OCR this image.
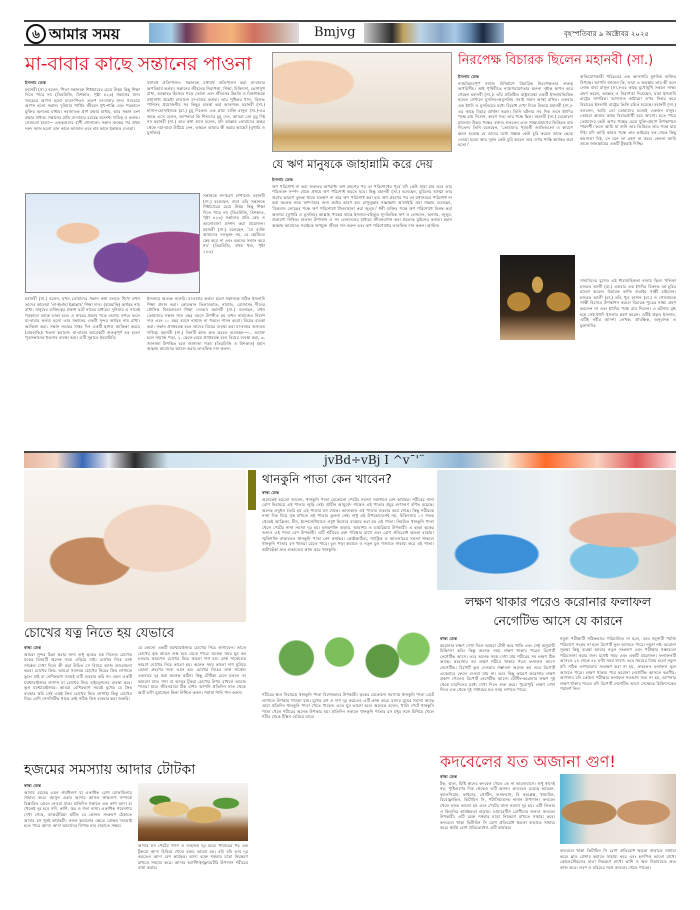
৬ আমার সময়	Bmjvg	বৃহস্পতিবার ৯ অক্টোবর ২০২৫
মা-বাবার কাছে সন্তানের পাওনা

ইসলাম ডেস্ক

মহানবী (সা.) বলেন, পিতা সন্তানকে শিষ্টাচারের চেয়ে উত্তম কিছু শিক্ষা দিতে পারে না। (তিরমিজি, মিশকাত, পৃষ্ঠা ৪২৩) সন্তানের জন্য সবচেয়ে আপন হলো মাতা-পিতা। তদ্রূপ মা-বাবার জন্য সবচেয়ে আপন হলো সন্তান। দুনিয়ার পার্থিব জীবনে সুখ-শান্তি এবং পরকালে মুক্তির অন্যতম মাধ্যম। নবজাতক প্রাণ রক্ষার মাধ্যম, আর সন্তান বংশ রক্ষার মাধ্যম। সন্তানের প্রতি মা-বাবার রয়েছে অসংখ্য দায়িত্ব ও কর্তব্য। সেগুলো হলো— একত্ববাদের বাণী শোনানো: সন্তান জন্মের পর প্রথম দরুদ কাজ হলো ডান কানে আজান এবং বাম কানে ইকামত দেওয়া।

যথাযথ প্রতিপালন: সন্তানকে যথাযথ প্রতিপালন করা মা-বাবার অপরিহার্য কর্তব্য। সন্তানের জীবনের নিরাপত্তা, শিক্ষা, চিকিৎসা, ভোগসুখ রাখা, আল্লাহর হিসেবে গড়ে তোলা এবং জীবনের উন্নতি ও বিকাশকল্পে যথাসাধ্য প্রচেষ্টা চালানো মা-বাবার কর্তব্য। তার পুষ্টিকর খাদ্য, বিশুদ্ধ পানিসহ প্রয়োজনীয় সব কিছুর ব্যবস্থা করা আবশ্যক। মহানবী (সা.) হাসান-হোসাইনকে (রা.) চুমু দিতেন। এক গ্রাম্য ব্যক্তি রাসুল (সা.)-এর কাছে এসে বলেন, আপনারা কি শিশুদের চুমু দেন, আমরা তো চুমু দিই না। মহানবী (সা.) তার কথা শুনে বলেন, যদি আল্লাহ তোমাদের অন্তর থেকে দয়া-মায়া উঠিয়ে নেন, তাহলে আমার কী করার আছে? (বুখারি ও মুসলিম)

সন্তানকে সদাচরণ শেখানো: মহানবী (সা.) বলেছেন, বাবা তাঁর সন্তানকে শিষ্টাচারের চেয়ে উত্তম কিছু শিক্ষা দিতে পারে না। (তিরমিজি, মিশকাত, পৃষ্ঠা ৪২৩) সন্তানের প্রতি স্নেহ ও ভালোবাসা প্রদর্শন করা প্রয়োজন। মহানবী (সা.) বলেছেন, 'সে ব্যক্তি আমাদের দলভুক্ত নয়, যে ছোটদের স্নেহ করে না এবং বড়দের সম্মান করে না।' (তিরমিজি, প্রথম খণ্ড, পৃষ্ঠা ১৮৩)

মহানবী (সা.) বলেন, যখন তোমাদের সন্তান কথা বলতে শিখে তখন তাদের কালেমা 'লা-ইলাহা ইল্লাল্লাহ' শিক্ষা দাও। (বায়হাকি) অর্থবহ নাম রাখা: মানুষের ব্যক্তিত্বের প্রকাশ ঘটে নামের মাধ্যমে। দুনিয়ায় এ নামেই পরকালে তাকে ডাকা হবে। এ নামের প্রভাব পড়ে বংশের ওপর। ফলে মা-বাবার কর্তব্য হলো তার সন্তানের একটি সুন্দর অর্থবহ নাম রাখা। আকিকা করা: সন্তান জন্মের সপ্তম দিন একটি ছাগল আকিকা করবে (বায়হাকি)। খতনা করানো: মা-বাবার আরেকটি গুরুত্বপূর্ণ হক হলো পুত্রসন্তানের খতনার ব্যবস্থা করা। এটি সুন্নাতে ইবরাহিমি।

ইসলামে অত্যন্ত জরুরি। মা-বাবার কর্তব্য হলো সন্তানকে সঠিক ইসলামি শিক্ষা প্রদান করা। কোরআন তিলাওয়াত, নামাজ, রোজাসহ দীনের মৌলিক বিষয়গুলো শিক্ষা দেওয়া। মহানবী (সা.) বলেছেন, যখন তোমাদের সন্তান সাত বছর বয়সে উপনীত হয় তখন নামাজের নির্দেশ দাও এবং ১০ বছর বয়সে নামাজ না পড়লে শাসন করো। বিয়ের ব্যবস্থা করা: সন্তান প্রাপ্তবয়স্ক হলে তাদের বিয়ের ব্যবস্থা করা মা-বাবার অন্যতম দায়িত্ব। মহানবী (সা.) তিনটি কাজ দ্রুত করতে বলেছেন—১. ওয়াক্ত হলে নামাজ পড়া, ২. ছেলে-মেয়ে প্রাপ্তবয়স্ক হলে বিয়ের ব্যবস্থা করা, ৩. জানাজা উপস্থিত হলে জানাজা পড়া। (তিরমিজি ও মিশকাত) মহান আল্লাহ আমাদের আমল করার তাওফিক দান করুন।

যে ঋণ মানুষকে জাহান্নামি করে দেয়

ইসলাম ডেস্ক

ঋণ পরিশোধ না করা গুরুতর অপরাধ। ঋণ গ্রহণের পর তা পরিশোধের পূর্বে যদি কেউ মারা যায় তবে তার পরিত্যক্ত সম্পদ থেকে প্রথমে ঋণ পরিশোধ করতে হবে। কিন্তু মহানবী (সা.) বলেছেন, মুমিনের আত্মা তার ঋণের কারণে ঝুলন্ত থাকে যতক্ষণ না তার ঋণ পরিশোধ করা হয়। ঋণ গ্রহণের পর তা যথাসময়ে পরিশোধ না করা অনেক সময় ঋণদাতার জন্য কষ্টের কারণ হয়। রাসুলুল্লাহ সাল্লাল্লাহু আলাইহি ওয়া সাল্লাম বলেছেন, 'বিত্তবান লোকের পক্ষে ঋণ পরিশোধে টালবাহানা করা জুলুম।' ধনী ব্যক্তির পক্ষে ঋণ পরিশোধে বিলম্ব করা অন্যায়। (বুখারি ও মুসলিম) আল্লাহ পাকের কাছে ইসলাম-বহির্ভূত সুদভিত্তিক ঋণ ও লেনদেন, অন্যায়, জুলুম, প্রতারণা নিষিদ্ধ। হালাল উপার্জন ও সৎ লেনদেনের মাধ্যমে জীবনযাপন করা প্রত্যেক মুমিনের কর্তব্য। মহান আল্লাহ আমাদের সবাইকে ঋণমুক্ত জীবন দান করুন এবং ঋণ পরিশোধের তাওফিক দান করুন। আমিন।

নিরপেক্ষ বিচারক ছিলেন মহানবী (সা.)

ইসলাম ডেস্ক

ন্যায়বিচারপূর্ণ সমাজ বিনির্মাণে বিচারিক নিরপেক্ষতার গুরুত্ব অপরিসীম। তাই পৃথিবীতে ন্যায়পরায়ণতার অনন্য দৃষ্টান্ত স্থাপন করে গেছেন মহানবী (সা.)। তাঁর প্রতিষ্ঠিত রাষ্ট্রব্যবস্থা একটি ইসলামভিত্তিক হলেও সেখানে মুসলিম-অমুসলিম সবাই সমান আস্থা রাখত। একবার এক ইহুদি ও মুসলিমের মধ্যে বিরোধ দেখা দিলে উভয়ে মহানবী (সা.)-এর কাছে বিচার প্রার্থনা করল। তিনি ঘটনার সব দিক শুনে ইহুদির পক্ষে রায় দিলেন, কারণ সত্য তার পক্ষে ছিল। মহানবী (সা.) যেকোনো মামলায় উভয় পক্ষের বক্তব্য শুনতেন এবং সাক্ষ্যপ্রমাণের ভিত্তিতে রায় দিতেন। তিনি বলেছেন, 'তোমাদের পূর্ববর্তী জাতিগুলো এ কারণে ধ্বংস হয়েছে যে তাদের মধ্যে সম্ভ্রান্ত কেউ চুরি করলে তাকে ছেড়ে দেওয়া হতো আর দুর্বল কেউ চুরি করলে তার ওপর শাস্তি কার্যকর করা হতো।'

অভিযোগকারী পরিচয়ের এক আনসারি মুসলিম ব্যক্তির বিপক্ষে। আপনি জানেন কি, তারা এ অবস্থায় তার কী বলে লোক বাবা রাসুল (সা.)-এর কাছে মুখোমুখি সকলে সাক্ষ্য গ্রহণ করেন, আল্লাহ ও নিরাপত্তা দিয়েছেন, যারা ইসলামি রাষ্ট্রের নাগরিক। আদালত কাঠামো ওপর নির্ভর করে বিচারের ইসলামি রাষ্ট্রের ভিত্তি রচিত হয়েছে। মহানবী (সা.) বললেন, আমি তো তোমাদের মতোই একজন মানুষ। তোমরা আমার কাছে বিচারপ্রার্থী হয়ে আসো। হতে পারে তোমাদের কেউ অপর পক্ষের চেয়ে যুক্তি-প্রমাণ উপস্থাপনে পারদর্শী। ফলে আমি যা শুনি তার ভিত্তিতে তার পক্ষে রায় দিই। যদি আমি কারও পক্ষে তার ভাইয়ের হক থেকে কিছু ফয়সালা দিই, সে যেন তা গ্রহণ না করে। কেননা আমি তাকে জাহান্নামের একটি টুকরাই দিচ্ছি।

সাহাবিদের যুগেও এই ধারাবাহিকতা বজায় ছিল। খলিফা হজরত আলী (রা.) একবার এক ইহুদির বিরুদ্ধে বর্ম চুরির মামলা করেন। বিচারক কাজি শুরাইহ সাক্ষী চাইলেন। হজরত আলী (রা.) তাঁর পুত্র হাসান (রা.) ও গোলামকে সাক্ষী হিসেবে উপস্থাপন করলে বিচারক পুত্রের সাক্ষ্য গ্রহণ করলেন না এবং ইহুদির পক্ষে রায় দিলেন। এ ঘটনায় মুগ্ধ হয়ে সেই ইহুদি ইসলাম গ্রহণ করেন। এটিই প্রকৃত ইসলাম, এটিই নবীর আদর্শ। লেখক: প্রাবন্ধিক, অনুবাদক ও মুফাসসির

jvBd÷vBj I ^v¯'¨
চোখের যত্ন নিতে হয় যেভাবে

স্বাস্থ্য ডেস্ক

আমরা সুন্দর চিন্তা করার জন্য শুধু ত্বকের যত্ন নিলেও চোখের যত্নের বিষয়টি অনেক সময় এড়িয়ে যাই। চোখের নিচে ডার্ক সার্কেল দেখা দিলে কী করা উচিত সে বিষয়ে আজ আলোচনা করব। চোখের ক্রিম: আমরা সবসময় চোখের নিচের ক্রিম লাগাতে ভুলে যাই বা বেশিরভাগ সময়ই এটি ব্যবহার করি না। এমন একটি ময়শ্চারাইজার লাগান যা চোখের নিচে হাইড্রেশনের ব্যবস্থা করে। ভুল ময়শ্চারাইজার: আমরা বেশিরভাগ সময়ই মুখের যে ক্রিম ব্যবহার করি সেই একই ক্রিম চোখের নিচে লাগাই। কিন্তু চোখের নিচে বেশি সেনসিটিভ থাকে তাই সঠিক ক্রিম ব্যবহার করা জরুরি।

যে কোনো একটি ময়শ্চারাইজার চোখের নিচে লাগাবেন। তাতে চোখের ত্বক আরও শুষ্ক হয়ে যেতে পারে। অনেক সময় ঘুম কম হওয়ার কারণেও চোখের নিচে কালো দাগ হয়। ডার্ক সার্কেলের কারণে চোখের নিচে কালো হয়। অনেক সময় কালো দাগ ঘুমিয়ে ভোলা গ্রহণের জন্য এমন হয়। চোখের নিচের ডার্ক সার্কেল একবারে দূর করা অনেক কঠিন। কিছু টোটকা মেনে চললে তা কমানো যায়। শসা বা আলুর টুকরা চোখের উপর রাখলে আরাম পাওয়া যায়। জীবনযাত্রা ঠিক রাখা: আপনি প্রতিদিন সাত থেকে আট ঘণ্টা ঘুমাচ্ছেন কিনা নিশ্চিত করুন। পর্যাপ্ত পানি পান করুন।

থানকুনি পাতা কেন খাবেন?

স্বাস্থ্য ডেস্ক

অনেকেই হয়তো জানেন, থানকুনি পাতা যেকোনো পেটের সমস্যা সমাধানে বেশ কার্যকর। শরীরের নানা রোগ নিরাময়ে এই পাতার জুড়ি নেই। প্রাচীন আয়ুর্বেদ শাস্ত্রেও এই পাতার প্রচুর গুণাগুণ বর্ণিত রয়েছে। অনেক ওষুধও তৈরি হয় এই পাতার রস থেকে। আজকাল এই পাতার ব্যবহার কমে গেছে। কিন্তু শরীরকে নানা দিক দিয়ে সুস্থ রাখতে এই পাতার তুলনা নেই। শুধু এই উপমহাদেশেই নয়, চিকিৎসায় ১৭ শতক থেকেই আফ্রিকা, চীন, ইন্দোনেশিয়াতে ওষুধ হিসেবে ব্যবহার করা হয় এই পাতা। নিয়মিত থানকুনি পাতা খেলে পেটের নানা সমস্যা দূর হয়। হজমশক্তি বাড়ায়, আমাশয় ও ডায়রিয়ায় উপকারী। এ ছাড়া ত্বকের জন্যও এই পাতা বেশ উপকারী। এটি শরীরের রক্ত পরিষ্কার রাখে এবং রোগ প্রতিরোধ ক্ষমতা বাড়ায়। স্মৃতিশক্তি বাড়াতেও থানকুনি পাতা বেশ কার্যকর। কোষ্ঠকাঠিন্য, গ্যাস্ট্রিক ও আলসারের সমস্যা থাকলে থানকুনি পাতার রস খাওয়া যেতে পারে। চুল পড়া কমাতে ও নতুন চুল গজাতে সাহায্য করে এই পাতা। কাটাছেঁড়া দ্রুত শুকাতেও কাজ করে থানকুনি।

শরীরের ক্ষত নিরাময়ে থানকুনি পাতা বিশেষভাবে উপকারী। ত্বকের যেকোনো সমস্যায় থানকুনি পাতা বেটে লাগালে উপকার পাওয়া যায়। মুখের ব্রণ ও দাগ দূর করতেও এটি কাজ করে। যাদের ঘুমের সমস্যা আছে তারা প্রতিদিন থানকুনি পাতা খেতে পারেন। এতে ঘুম ভালো হবে। অনেকে বলেন, খালি পেটে থানকুনি পাতা খেলে শরীরের অনেক উপকার হয়। প্রতিদিন সকালে থানকুনি পাতার রস মধুর সঙ্গে মিশিয়ে খেলে শরীর থেকে টক্সিন বেরিয়ে যাবে।

লক্ষণ থাকার পরেও করোনার ফলাফল
নেগেটিভ আসে যে কারনে

স্বাস্থ্য ডেস্ক

করোনার লক্ষণ দেখা দিলে আমরা টেস্ট করে থাকি এবং সেই অনুযায়ী চিকিৎসা করি। কিন্তু অনেক সময় লক্ষণ থাকার পরেও রিপোর্ট নেগেটিভ আসে। তবে অনেক সময় দেখা যায় শরীরের সব লক্ষণ ঠিক আছে। করোনার সব লক্ষণ শরীরে থাকার পরও ফলাফল আসে নেগেটিভ। রিপোর্ট ভুল দেওয়ার সম্ভাবনা অনেক কম তবে রিপোর্ট একেবারে ফেলে দেওয়া যায় না। তবে কিছু কারণে করোনার লক্ষণ প্রকাশ পেলেও রিপোর্ট নেগেটিভ আসে। টেস্টিং-করোনার লক্ষণ দুই থেকে চারদিনের মধ্যে দেখা দিতে শুরু করে। পুরোপুরি লক্ষণ দেখা দিতে এক থেকে দুই সপ্তাহের মত সময় লাগতে পারে।

নমুনা পরীক্ষাটি সঠিকভাবে পরিচালিত না হলে, তবে নমুনাটি পর্যাপ্ত পরিমাণে সংগ্রহ না হলে রিপোর্ট ভুল আসতে পারে। নমুনা নষ্ট: করোনা সুরক্ষা কিছু ব্যবস্থা আবার নতুন সংক্রমণ এবং পরীক্ষার সম্ভাব্যতা পরিচালনা করার জন্য যথেষ্ট সময় এবং একটি প্রয়োজন। ফলাফলটি আসতে ২৪ থেকে ৪৮ ঘণ্টা সময় লাগে। তবে সময়ের বিষয় হলো নমুনা যদি সঠিক তাপমাত্রায় সংরক্ষণ করা না হয়, তাহলেও ফলাফল ভুল আসতে পারে। লক্ষণ থাকার পরে করোনা নেগেটিভ আসলে করণীয়: আপনার যদি কোনো পরীক্ষার ফলাফল শতভাগ সত্য না হয়, আপনার লক্ষণ থাকার পরেও যদি রিপোর্ট নেগেটিভ আসে সেক্ষেত্রে চিকিৎসকের পরামর্শ নিন।

হজমের সমস্যায় আদার টোটকা

স্বাস্থ্য ডেস্ক

আদায় রয়েছে এমন ঔষধিগুণ যা একাধিক রোগ মোকাবিলায় সাহায্য করে। আসুন এবার আদার আসল স্বাস্থ্যগুণ সম্পর্কে বিস্তারিত জেনে নেওয়া যাক। প্রতিদিন সকালে এক কাপ আদা চা খেলেই দূর হবে সর্দি, কাশি, জ্বর ও গলা ব্যথা। একাধিক গবেষণায় দেখা গেছে, ব্যাকটেরিয়া ঘটিত যে কোনও সংক্রমণ ঠেকাতে আদার রস খুবই কার্যকরী। ওজন কমানোর ক্ষেত্রে যোক্ষম দাওয়াই হতে পারে আদা। আদা আমাদের বিপাক হার বাড়াতে সক্ষম।

আদার রস পেটের গ্যাস ও বদহজম দূর করে। খাবারের পর এক টুকরো আদা চিবিয়ে খেলে হজম ভালো হয়। বমি বমি ভাব দূর করতেও আদা বেশ কার্যকর। আদা রক্তে শর্করার মাত্রা নিয়ন্ত্রণে রাখতে সাহায্য করে। আদার অ্যান্টি-ইনফ্লামেটরি উপাদান শরীরের ব্যথা কমায়।

কদবেলের যত অজানা গুণ!

স্বাস্থ্য ডেস্ক

টক, ঝাল, মিষ্টি স্বাদের কদবেল খেতে কে না ভালোবাসে। শুধু স্বাদেই নয়, পুষ্টিগুণের দিক থেকেও এটি অনন্য। কদবেলে রয়েছে আয়রন, ক্যালসিয়াম, ফাইবার, প্রোটিন, ফসফরাস, বি কমপ্লেক্স, থায়ামিন, রিবোফ্লাভিন, ভিটামিন সি, পটাসিয়ামসহ নানান উপাদান। কদবেল খেলে হজম ভালো হয় এবং পেটের নানা সমস্যা দূর হয়। এটি লিভার ও কিডনির কার্যক্ষমতা বাড়ায়। ডায়াবেটিস রোগীদের জন্যও কদবেল উপকারী। এটি রক্তে শর্করার মাত্রা নিয়ন্ত্রণে রাখতে সাহায্য করে। কদবেলে থাকা ভিটামিন সি রোগ প্রতিরোধ ক্ষমতা বাড়াতে সাহায্য করে। স্কার্ভি রোগ প্রতিরোধেও এটি কার্যকর।

কদবেলে থাকা ভিটামিন সি রোগ প্রতিরোধ ক্ষমতা বাড়াতে সাহায্য করে। ব্লাড প্রেশার কমাতে সাহায্য করে এবং হৃৎপিণ্ড ভালো রাখে। কোলেস্টেরলের মাত্রা নিয়ন্ত্রণে রাখে। কাশি ও ক্ষত নিরাময়েও দ্রুত কাজ করে। লবণ ও মরিচের সঙ্গে কদবেল খেতে পারেন।
